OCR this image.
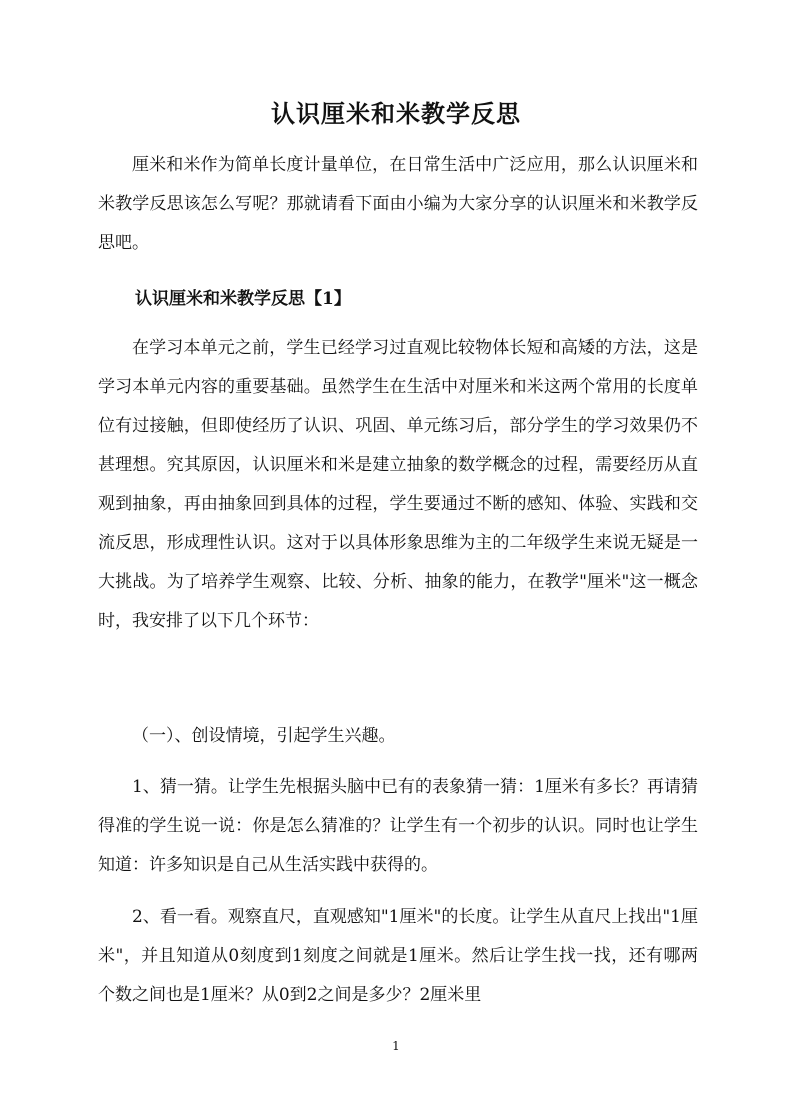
认识厘米和米教学反思

厘米和米作为简单长度计量单位，在日常生活中广泛应用，那么认识厘米和米教学反思该怎么写呢？那就请看下面由小编为大家分享的认识厘米和米教学反思吧。

认识厘米和米教学反思【1】

在学习本单元之前，学生已经学习过直观比较物体长短和高矮的方法，这是学习本单元内容的重要基础。虽然学生在生活中对厘米和米这两个常用的长度单位有过接触，但即使经历了认识、巩固、单元练习后，部分学生的学习效果仍不甚理想。究其原因，认识厘米和米是建立抽象的数学概念的过程，需要经历从直观到抽象，再由抽象回到具体的过程，学生要通过不断的感知、体验、实践和交流反思，形成理性认识。这对于以具体形象思维为主的二年级学生来说无疑是一大挑战。为了培养学生观察、比较、分析、抽象的能力，在教学"厘米"这一概念时，我安排了以下几个环节：

（一）、创设情境，引起学生兴趣。

1、猜一猜。让学生先根据头脑中已有的表象猜一猜：1厘米有多长？再请猜得准的学生说一说：你是怎么猜准的？让学生有一个初步的认识。同时也让学生知道：许多知识是自己从生活实践中获得的。

2、看一看。观察直尺，直观感知"1厘米"的长度。让学生从直尺上找出"1厘米"，并且知道从0刻度到1刻度之间就是1厘米。然后让学生找一找，还有哪两个数之间也是1厘米？从0到2之间是多少？2厘米里

1
